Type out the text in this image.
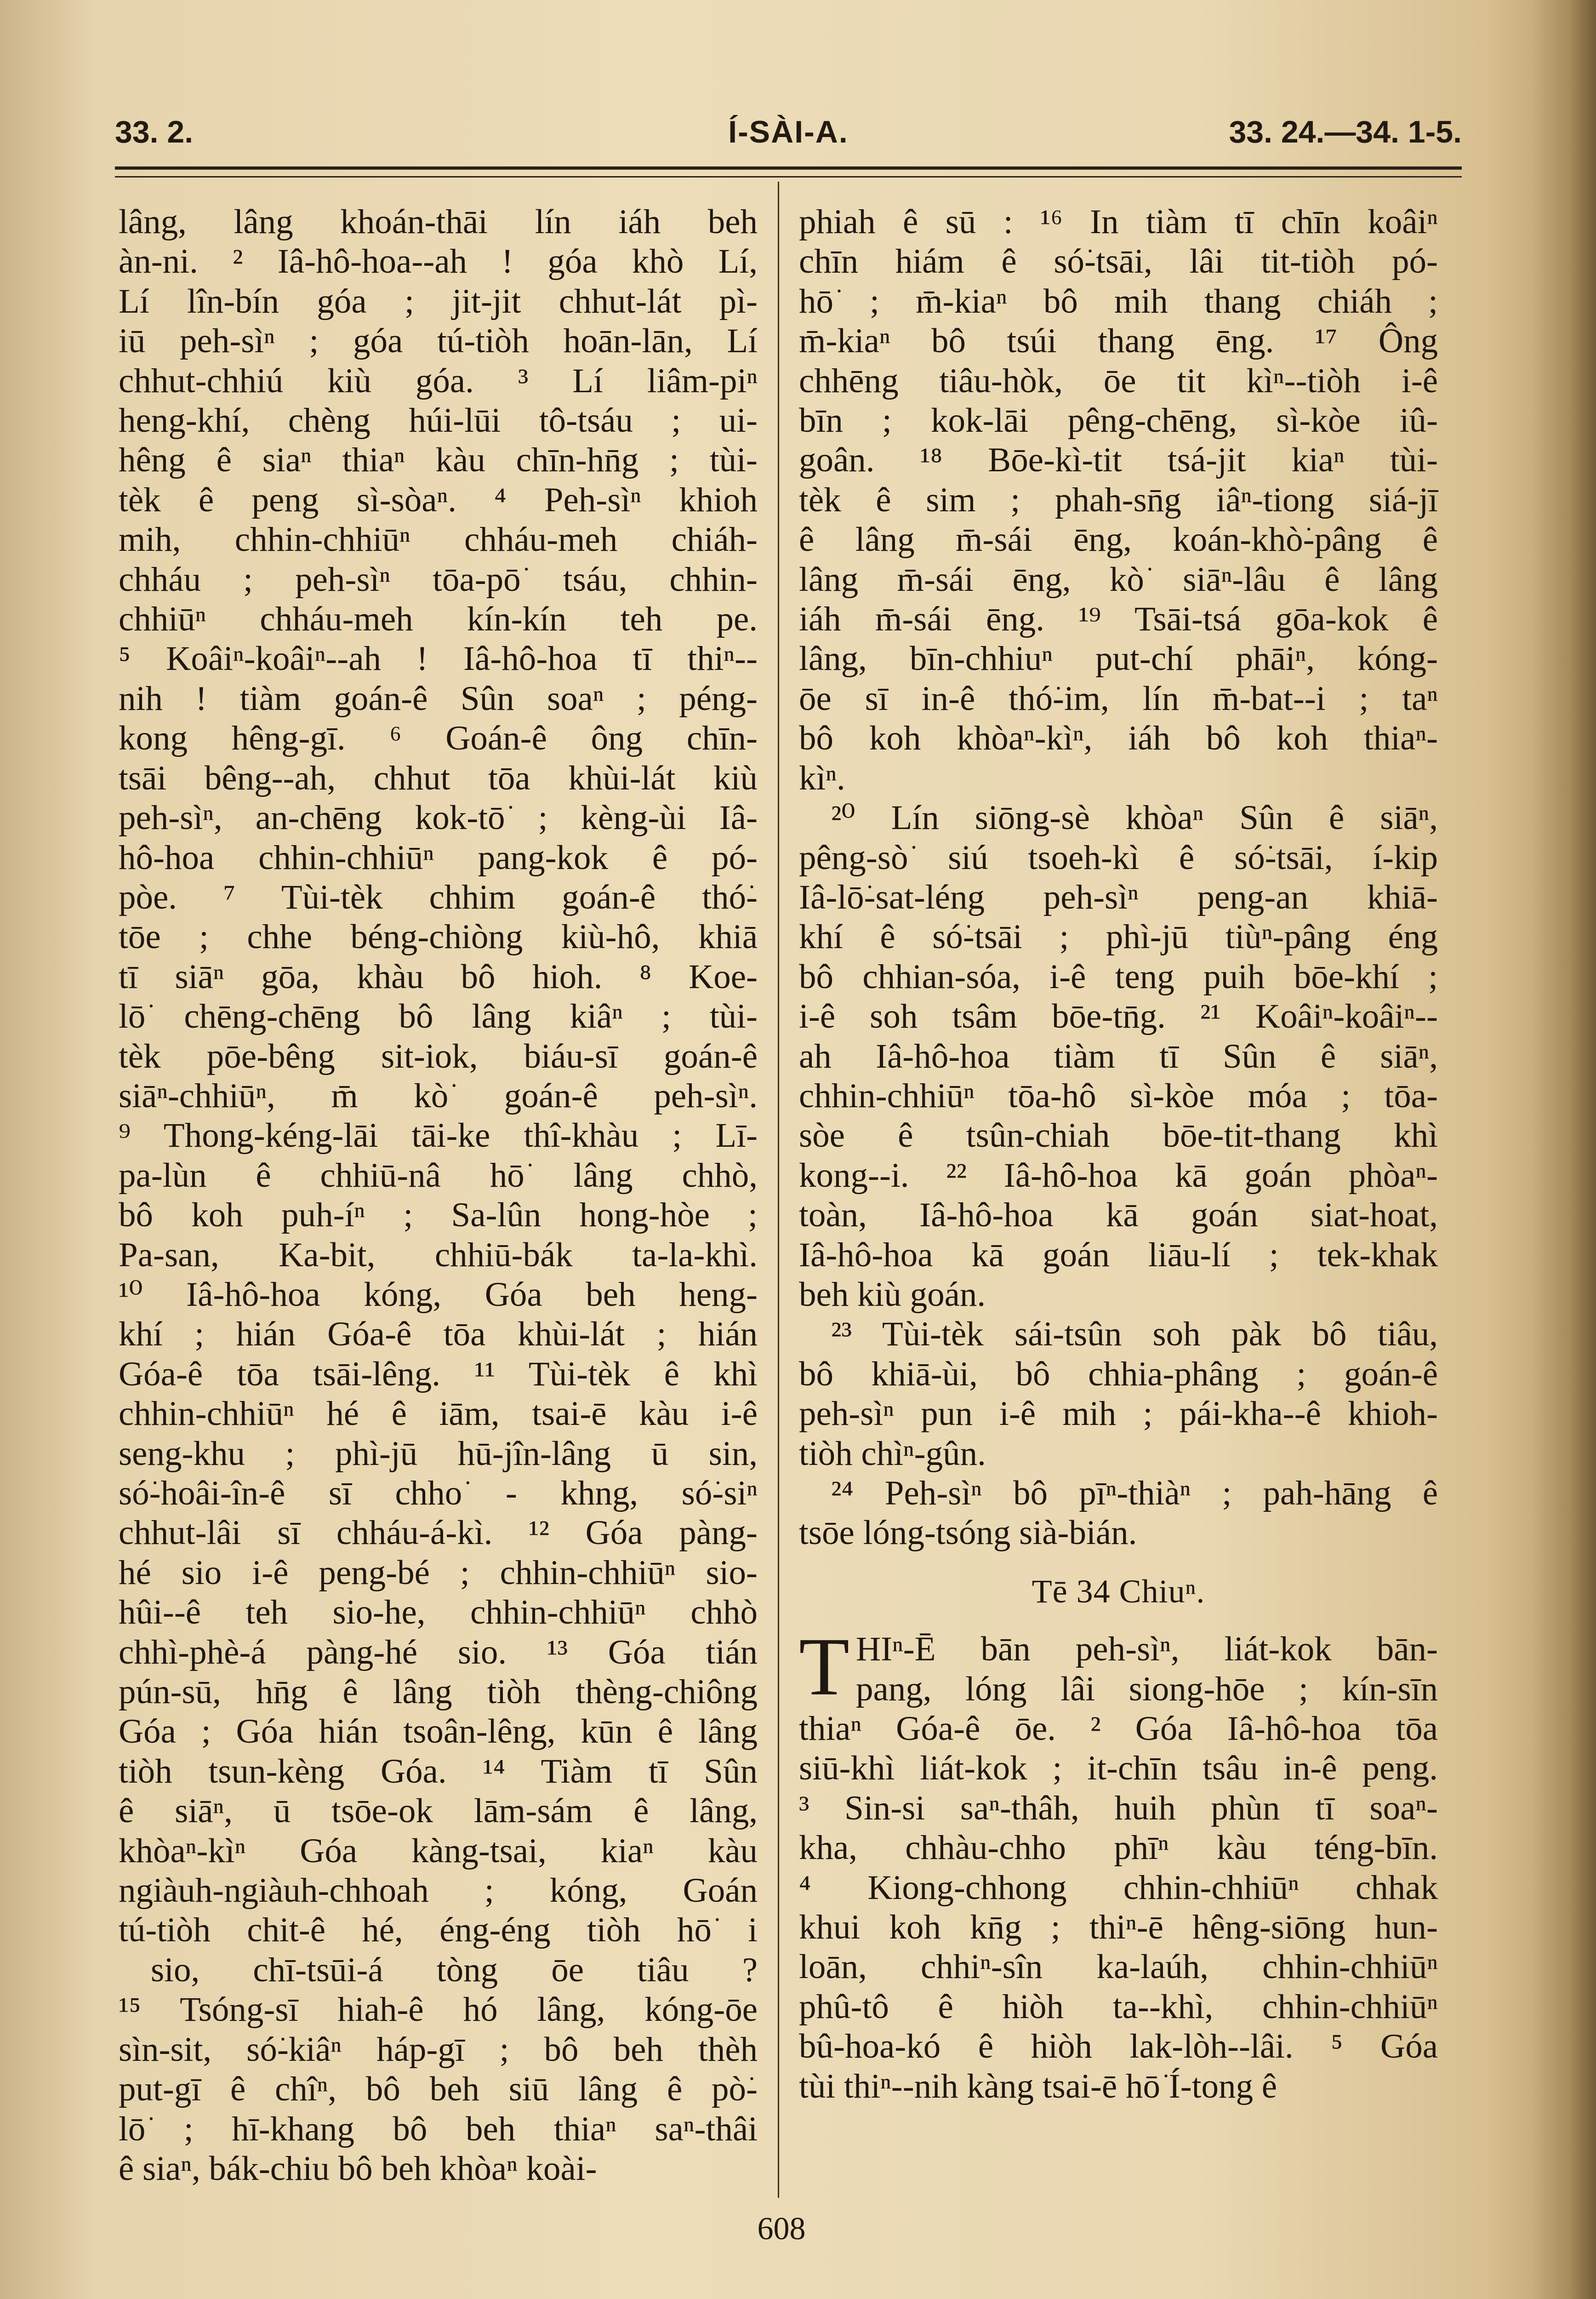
33. 2.	Í-SÀI-A.	33. 24.—34. 1-5.
lâng, lâng khoán-thāi lín iáh beh
àn-ni. ² Iâ-hô-hoa--ah ! góa khò Lí,
Lí lîn-bín góa ; jit-jit chhut-lát pì-
iū peh-sìⁿ ; góa tú-tiòh hoān-lān, Lí
chhut-chhiú kiù góa. ³ Lí liâm-piⁿ
heng-khí, chèng húi-lūi tô-tsáu ; ui-
hêng ê siaⁿ thiaⁿ kàu chīn-hn̄g ; tùi-
tèk ê peng sì-sòaⁿ. ⁴ Peh-sìⁿ khioh
mih, chhin-chhiūⁿ chháu-meh chiáh-
chháu ; peh-sìⁿ tōa-pō͘ tsáu, chhin-
chhiūⁿ chháu-meh kín-kín teh pe.
⁵ Koâiⁿ-koâiⁿ--ah ! Iâ-hô-hoa tī thiⁿ--
nih ! tiàm goán-ê Sûn soaⁿ ; péng-
kong hêng-gī. ⁶ Goán-ê ông chīn-
tsāi bêng--ah, chhut tōa khùi-lát kiù
peh-sìⁿ, an-chēng kok-tō͘ ; kèng-ùi Iâ-
hô-hoa chhin-chhiūⁿ pang-kok ê pó-
pòe. ⁷ Tùi-tèk chhim goán-ê thó͘-
tōe ; chhe béng-chiòng kiù-hô, khiā
tī siāⁿ gōa, khàu bô hioh. ⁸ Koe-
lō͘ chēng-chēng bô lâng kiâⁿ ; tùi-
tèk pōe-bêng sit-iok, biáu-sī goán-ê
siāⁿ-chhiūⁿ, m̄ kò͘ goán-ê peh-sìⁿ.
⁹ Thong-kéng-lāi tāi-ke thî-khàu ; Lī-
pa-lùn ê chhiū-nâ hō͘ lâng chhò,
bô koh puh-íⁿ ; Sa-lûn hong-hòe ;
Pa-san, Ka-bit, chhiū-bák ta-la-khì.
¹⁰ Iâ-hô-hoa kóng, Góa beh heng-
khí ; hián Góa-ê tōa khùi-lát ; hián
Góa-ê tōa tsāi-lêng. ¹¹ Tùi-tèk ê khì
chhin-chhiūⁿ hé ê iām, tsai-ē kàu i-ê
seng-khu ; phì-jū hū-jîn-lâng ū sin,
só͘-hoâi-în-ê sī chho͘ - khng, só͘-siⁿ
chhut-lâi sī chháu-á-kì. ¹² Góa pàng-
hé sio i-ê peng-bé ; chhin-chhiūⁿ sio-
hûi--ê teh sio-he, chhin-chhiūⁿ chhò
chhì-phè-á pàng-hé sio. ¹³ Góa tián
pún-sū, hn̄g ê lâng tiòh thèng-chiông
Góa ; Góa hián tsoân-lêng, kūn ê lâng
tiòh tsun-kèng Góa. ¹⁴ Tiàm tī Sûn
ê siāⁿ, ū tsōe-ok lām-sám ê lâng,
khòaⁿ-kìⁿ Góa kàng-tsai, kiaⁿ kàu
ngiàuh-ngiàuh-chhoah ; kóng, Goán
tú-tiòh chit-ê hé, éng-éng tiòh hō͘ i
sio, chī-tsūi-á tòng ōe tiâu ?
¹⁵ Tsóng-sī hiah-ê hó lâng, kóng-ōe
sìn-sit, só͘-kiâⁿ háp-gī ; bô beh thèh
put-gī ê chîⁿ, bô beh siū lâng ê pò͘-
lō͘ ; hī-khang bô beh thiaⁿ saⁿ-thâi
ê siaⁿ, bák-chiu bô beh khòaⁿ koài-
phiah ê sū : ¹⁶ In tiàm tī chīn koâiⁿ
chīn hiám ê só͘-tsāi, lâi tit-tiòh pó-
hō͘ ; m̄-kiaⁿ bô mih thang chiáh ;
m̄-kiaⁿ bô tsúi thang ēng. ¹⁷ Ông
chhēng tiâu-hòk, ōe tit kìⁿ--tiòh i-ê
bīn ; kok-lāi pêng-chēng, sì-kòe iû-
goân. ¹⁸ Bōe-kì-tit tsá-jit kiaⁿ tùi-
tèk ê sim ; phah-sn̄g iâⁿ-tiong siá-jī
ê lâng m̄-sái ēng, koán-khò͘-pâng ê
lâng m̄-sái ēng, kò͘ siāⁿ-lâu ê lâng
iáh m̄-sái ēng. ¹⁹ Tsāi-tsá gōa-kok ê
lâng, bīn-chhiuⁿ put-chí phāiⁿ, kóng-
ōe sī in-ê thó͘-im, lín m̄-bat--i ; taⁿ
bô koh khòaⁿ-kìⁿ, iáh bô koh thiaⁿ-
kìⁿ.
²⁰ Lín siōng-sè khòaⁿ Sûn ê siāⁿ,
pêng-sò͘ siú tsoeh-kì ê só͘-tsāi, í-kip
Iâ-lō͘-sat-léng peh-sìⁿ peng-an khiā-
khí ê só͘-tsāi ; phì-jū tiùⁿ-pâng éng
bô chhian-sóa, i-ê teng puih bōe-khí ;
i-ê soh tsâm bōe-tn̄g. ²¹ Koâiⁿ-koâiⁿ--
ah Iâ-hô-hoa tiàm tī Sûn ê siāⁿ,
chhin-chhiūⁿ tōa-hô sì-kòe móa ; tōa-
sòe ê tsûn-chiah bōe-tit-thang khì
kong--i. ²² Iâ-hô-hoa kā goán phòaⁿ-
toàn, Iâ-hô-hoa kā goán siat-hoat,
Iâ-hô-hoa kā goán liāu-lí ; tek-khak
beh kiù goán.
²³ Tùi-tèk sái-tsûn soh pàk bô tiâu,
bô khiā-ùi, bô chhia-phâng ; goán-ê
peh-sìⁿ pun i-ê mih ; pái-kha--ê khioh-
tiòh chìⁿ-gûn.
²⁴ Peh-sìⁿ bô pīⁿ-thiàⁿ ; pah-hāng ê
tsōe lóng-tsóng sià-bián.
Tē 34 Chiuⁿ.
T HIⁿ-Ē bān peh-sìⁿ, liát-kok bān-
pang, lóng lâi siong-hōe ; kín-sīn
thiaⁿ Góa-ê ōe. ² Góa Iâ-hô-hoa tōa
siū-khì liát-kok ; it-chīn tsâu in-ê peng.
³ Sin-si saⁿ-thâh, huih phùn tī soaⁿ-
kha, chhàu-chho phīⁿ kàu téng-bīn.
⁴ Kiong-chhong chhin-chhiūⁿ chhak
khui koh kn̄g ; thiⁿ-ē hêng-siōng hun-
loān, chhiⁿ-sîn ka-laúh, chhin-chhiūⁿ
phû-tô ê hiòh ta--khì, chhin-chhiūⁿ
bû-hoa-kó ê hiòh lak-lòh--lâi. ⁵ Góa
tùi thiⁿ--nih kàng tsai-ē hō͘ Í-tong ê
608
